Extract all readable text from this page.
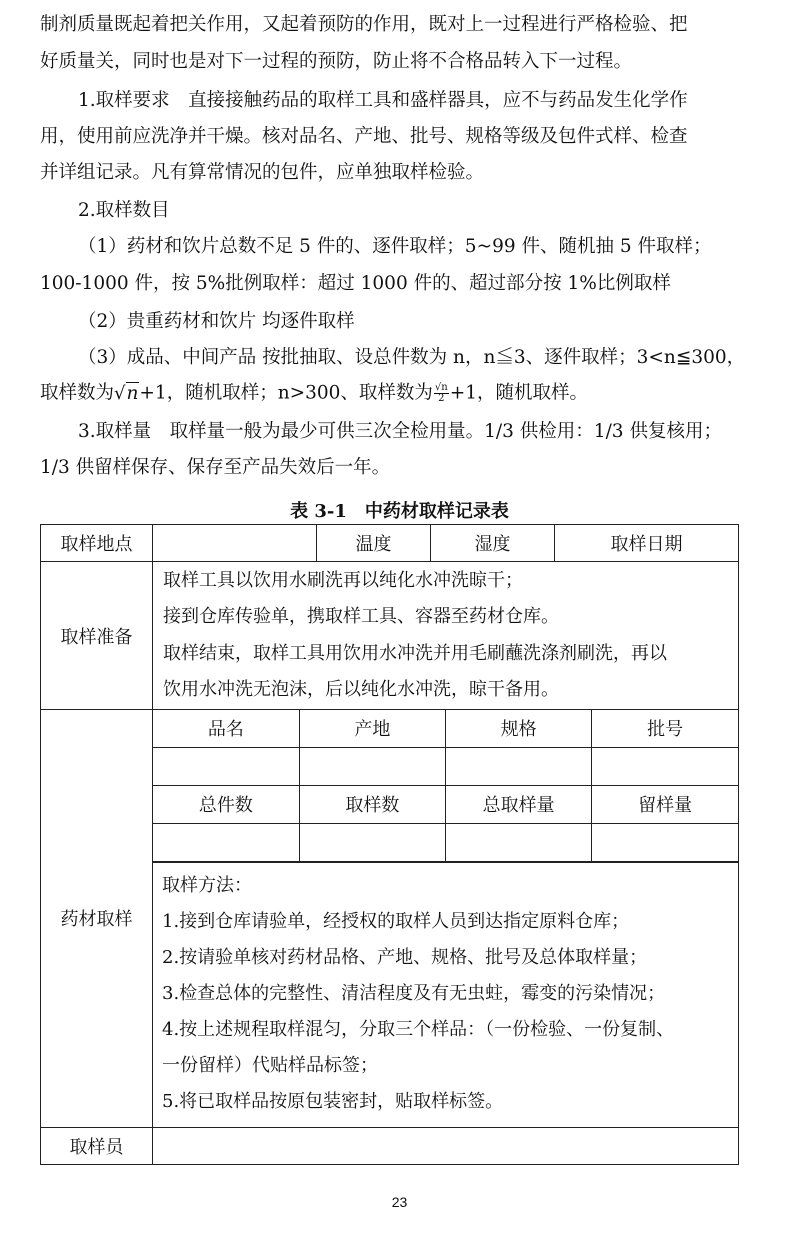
制剂质量既起着把关作用，又起着预防的作用，既对上一过程进行严格检验、把
好质量关，同时也是对下一过程的预防，防止将不合格品转入下一过程。
1.取样要求　直接接触药品的取样工具和盛样器具，应不与药品发生化学作
用，使用前应洗净并干燥。核对品名、产地、批号、规格等级及包件式样、检查
并详组记录。凡有算常情况的包件，应单独取样检验。
2.取样数目
（1）药材和饮片总数不足 5 件的、逐件取样；5~99 件、随机抽 5 件取样；
100-1000 件，按 5%批例取样：超过 1000 件的、超过部分按 1%比例取样
（2）贵重药材和饮片 均逐件取样
（3）成品、中间产品 按批抽取、设总件数为 n，n≦3、逐件取样；3<n≦300，
取样数为√n+1，随机取样；n>300、取样数为 $\frac{√n}{2} +1$，随机取样。
3.取样量　取样量一般为最少可供三次全检用量。1/3 供检用：1/3 供复核用；
1/3 供留样保存、保存至产品失效后一年。
表 3-1　中药材取样记录表
取样地点		温度	湿度	取样日期
取样准备	
取样工具以饮用水刷洗再以纯化水冲洗晾干；
接到仓库传验单，携取样工具、容器至药材仓库。
取样结束，取样工具用饮用水冲洗并用毛刷蘸洗涤剂刷洗，再以
饮用水冲洗无泡沫，后以纯化水冲洗，晾干备用。

药材取样	
品名	产地	规格	批号

总件数	取样数	总取样量	留样量

取样方法：
1.接到仓库请验单，经授权的取样人员到达指定原料仓库；
2.按请验单核对药材品格、产地、规格、批号及总体取样量；
3.检查总体的完整性、清洁程度及有无虫蛀，霉变的污染情况；
4.按上述规程取样混匀，分取三个样品：（一份检验、一份复制、
一份留样）代贴样品标签；
5.将已取样品按原包装密封，贴取样标签。

取样员	
23
